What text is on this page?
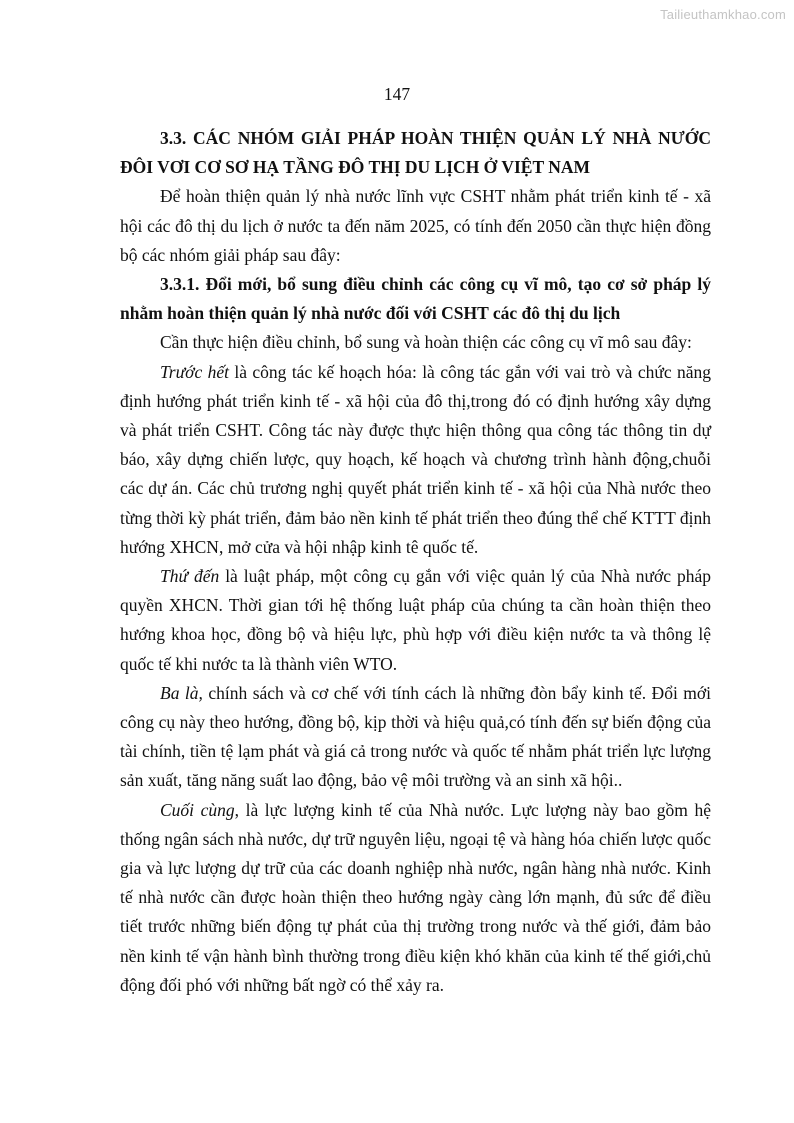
Tailieuthamkhao.com
147

3.3. CÁC NHÓM GIẢI PHÁP HOÀN THIỆN QUẢN LÝ NHÀ NƯỚC ĐÔI VƠI CƠ SƠ HẠ TẦNG ĐÔ THỊ DU LỊCH Ở VIỆT NAM

Để hoàn thiện quản lý nhà nước lĩnh vực CSHT nhằm phát triển kinh tế - xã hội các đô thị du lịch ở nước ta đến năm 2025, có tính đến 2050 cần thực hiện đồng bộ các nhóm giải pháp sau đây:

3.3.1. Đổi mới, bổ sung điều chỉnh các công cụ vĩ mô, tạo cơ sở pháp lý nhằm hoàn thiện quản lý nhà nước đối với CSHT các đô thị du lịch

Cần thực hiện điều chỉnh, bổ sung và hoàn thiện các công cụ vĩ mô sau đây:

Trước hết là công tác kế hoạch hóa: là công tác gắn với vai trò và chức năng định hướng phát triển kinh tế - xã hội của đô thị,trong đó có định hướng xây dựng và phát triển CSHT. Công tác này được thực hiện thông qua công tác thông tin dự báo, xây dựng chiến lược, quy hoạch, kế hoạch và chương trình hành động,chuỗi các dự án. Các chủ trương nghị quyết phát triển kinh tế - xã hội của Nhà nước theo từng thời kỳ phát triển, đảm bảo nền kinh tế phát triển theo đúng thể chế KTTT định hướng XHCN, mở cửa và hội nhập kinh tê quốc tế.

Thứ đến là luật pháp, một công cụ gắn với việc quản lý của Nhà nước pháp quyền XHCN. Thời gian tới hệ thống luật pháp của chúng ta cần hoàn thiện theo hướng khoa học, đồng bộ và hiệu lực, phù hợp với điều kiện nước ta và thông lệ quốc tế khi nước ta là thành viên WTO.

Ba là, chính sách và cơ chế với tính cách là những đòn bẩy kinh tế. Đổi mới công cụ này theo hướng, đồng bộ, kịp thời và hiệu quả,có tính đến sự biến động của tài chính, tiền tệ lạm phát và giá cả trong nước và quốc tế nhằm phát triển lực lượng sản xuất, tăng năng suất lao động, bảo vệ môi trường và an sinh xã hội..

Cuối cùng, là lực lượng kinh tế của Nhà nước. Lực lượng này bao gồm hệ thống ngân sách nhà nước, dự trữ nguyên liệu, ngoại tệ và hàng hóa chiến lược quốc gia và lực lượng dự trữ của các doanh nghiệp nhà nước, ngân hàng nhà nước. Kinh tế nhà nước cần được hoàn thiện theo hướng ngày càng lớn mạnh, đủ sức để điều tiết trước những biến động tự phát của thị trường trong nước và thế giới, đảm bảo nền kinh tế vận hành bình thường trong điều kiện khó khăn của kinh tế thế giới,chủ động đối phó với những bất ngờ có thể xảy ra.
